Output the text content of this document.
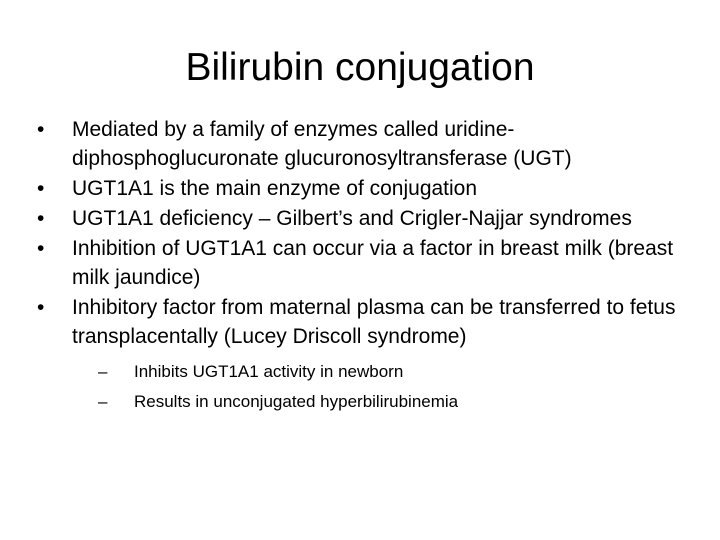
Bilirubin conjugation
•	Mediated by a family of enzymes called uridine-diphosphoglucuronate glucuronosyltransferase (UGT)
•	UGT1A1 is the main enzyme of conjugation
•	UGT1A1 deficiency – Gilbert’s and Crigler-Najjar syndromes
•	Inhibition of UGT1A1 can occur via a factor in breast milk (breast milk jaundice)
•	Inhibitory factor from maternal plasma can be transferred to fetus transplacentally (Lucey Driscoll syndrome)
– Inhibits UGT1A1 activity in newborn
– Results in unconjugated hyperbilirubinemia
